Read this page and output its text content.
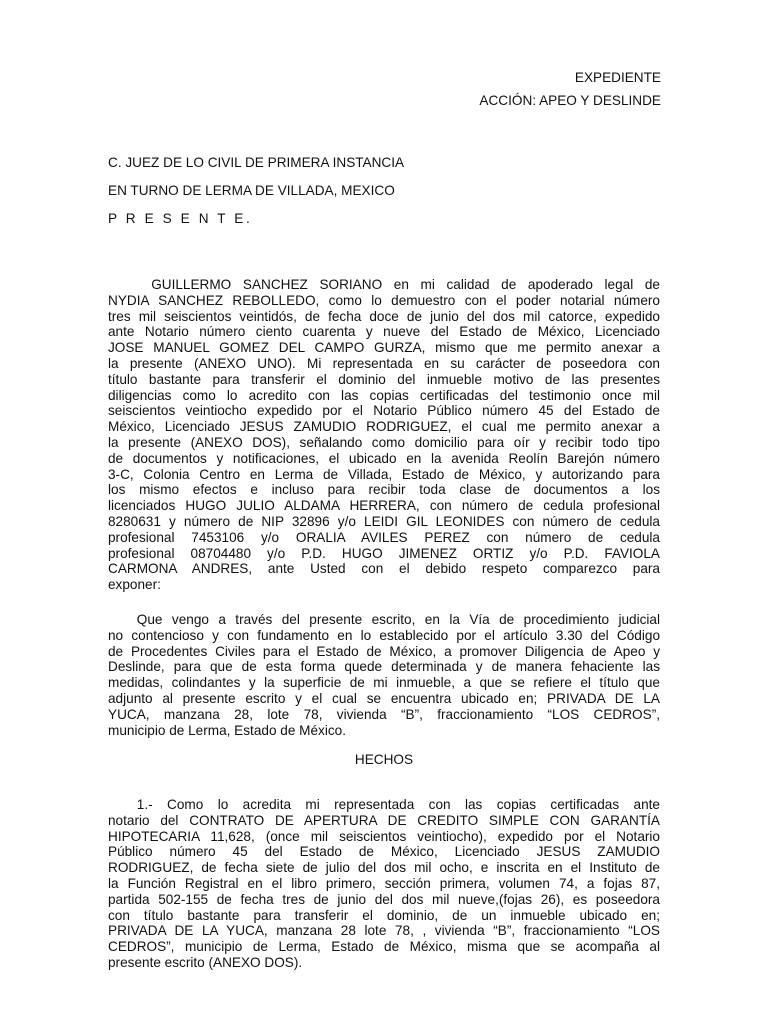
EXPEDIENTE
ACCIÓN: APEO Y DESLINDE
C. JUEZ DE LO CIVIL DE PRIMERA INSTANCIA
EN TURNO DE LERMA DE VILLADA, MEXICO
P R E S E N T E.
GUILLERMO SANCHEZ SORIANO en mi calidad de apoderado legal de
NYDIA SANCHEZ REBOLLEDO, como lo demuestro con el poder notarial número
tres mil seiscientos veintidós, de fecha doce de junio del dos mil catorce, expedido
ante Notario número ciento cuarenta y nueve del Estado de México, Licenciado
JOSE MANUEL GOMEZ DEL CAMPO GURZA, mismo que me permito anexar a
la presente (ANEXO UNO). Mi representada en su carácter de poseedora con
título bastante para transferir el dominio del inmueble motivo de las presentes
diligencias como lo acredito con las copias certificadas del testimonio once mil
seiscientos veintiocho expedido por el Notario Público número 45 del Estado de
México, Licenciado JESUS ZAMUDIO RODRIGUEZ, el cual me permito anexar a
la presente (ANEXO DOS), señalando como domicilio para oír y recibir todo tipo
de documentos y notificaciones, el ubicado en la avenida Reolín Barejón número
3-C, Colonia Centro en Lerma de Villada, Estado de México, y autorizando para
los mismo efectos e incluso para recibir toda clase de documentos a los
licenciados HUGO JULIO ALDAMA HERRERA, con número de cedula profesional
8280631 y número de NIP 32896 y/o LEIDI GIL LEONIDES con número de cedula
profesional 7453106 y/o ORALIA AVILES PEREZ con número de cedula
profesional 08704480 y/o P.D. HUGO JIMENEZ ORTIZ y/o P.D. FAVIOLA
CARMONA ANDRES, ante Usted con el debido respeto comparezco para
exponer:
Que vengo a través del presente escrito, en la Vía de procedimiento judicial
no contencioso y con fundamento en lo establecido por el artículo 3.30 del Código
de Procedentes Civiles para el Estado de México, a promover Diligencia de Apeo y
Deslinde, para que de esta forma quede determinada y de manera fehaciente las
medidas, colindantes y la superficie de mi inmueble, a que se refiere el título que
adjunto al presente escrito y el cual se encuentra ubicado en; PRIVADA DE LA
YUCA, manzana 28, lote 78, vivienda “B”, fraccionamiento “LOS CEDROS”,
municipio de Lerma, Estado de México.
HECHOS
1.- Como lo acredita mi representada con las copias certificadas ante
notario del CONTRATO DE APERTURA DE CREDITO SIMPLE CON GARANTÍA
HIPOTECARIA 11,628, (once mil seiscientos veintiocho), expedido por el Notario
Público número 45 del Estado de México, Licenciado JESUS ZAMUDIO
RODRIGUEZ, de fecha siete de julio del dos mil ocho, e inscrita en el Instituto de
la Función Registral en el libro primero, sección primera, volumen 74, a fojas 87,
partida 502-155 de fecha tres de junio del dos mil nueve,(fojas 26), es poseedora
con título bastante para transferir el dominio, de un inmueble ubicado en;
PRIVADA DE LA YUCA, manzana 28 lote 78, , vivienda “B”, fraccionamiento “LOS
CEDROS”, municipio de Lerma, Estado de México, misma que se acompaña al
presente escrito (ANEXO DOS).
